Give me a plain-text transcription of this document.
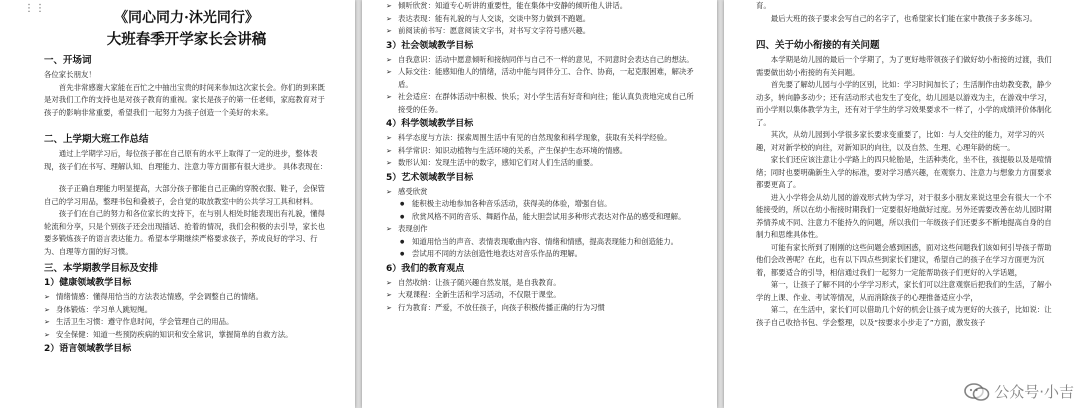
⋮⋮
《同心同力·沐光同行》
大班春季开学家长会讲稿
一、开场词
各位家长朋友！
首先非常感谢大家能在百忙之中抽出宝贵的时间来参加这次家长会。你们的到来既是对我们工作的支持也是对孩子教育的重视。家长是孩子的第一任老师，家庭教育对于孩子的影响非常重要，希望我们一起努力为孩子创造一个美好的未来。
二、上学期大班工作总结
通过上学期学习后，每位孩子都在自己原有的水平上取得了一定的进步，整体表现，孩子们在书写、理解认知、自理能力、注意力等方面都有很大进步。 具体表现在：
孩子正确自理能力明显提高，大部分孩子都能自己正确的穿脱衣服、鞋子，会保管自己的学习用品，整理书包和叠被子，会自觉的取放教室中的公共学习工具和材料。
孩子们在自己的努力和各位家长的支持下，在与别人相处时能表现出有礼貌，懂得轮流和分享，只是个别孩子还会出现插话、抢着的情况，我们会积极的去引导，家长也要多锻炼孩子的语言表达能力。希望本学期继续严格要求孩子，养成良好的学习、行为、自理等方面的好习惯。
三、本学期教学目标及安排
1）健康领域教学目标
➢ 情绪情感：懂得用恰当的方法表达情感，学会调整自己的情绪。
➢ 身体锻炼：学习单人跳短绳。
➢ 生活卫生习惯：遵守作息时间，学会管理自己的用品。
➢ 安全保健：知道一些预防疾病的知识和安全常识，掌握简单的自救方法。
2）语言领域教学目标
➢ 倾听欣赏：知道专心听讲的重要性，能在集体中安静的倾听他人讲话。
➢ 表达表现：能有礼貌的与人交谈，交谈中努力做到不跑题。
➢ 前阅读前书写：愿意阅读文字书，对书写文字符号感兴趣。
3）社会领域教学目标
➢ 自我意识：活动中愿意倾听和接纳同伴与自己不一样的意见，不同意时会表达自己的想法。
➢ 人际交往：能感知他人的情绪，活动中能与同伴分工、合作、协商，一起克服困难，解决矛盾。
➢ 社会适应：在群体活动中积极、快乐；对小学生活有好奇和向往；能认真负责地完成自己所接受的任务。
4）科学领域教学目标
➢ 科学态度与方法：探索周围生活中有见的自然现象和科学现象，获取有关科学经验。
➢ 科学常识：知识动植物与生活环境的关系，产生保护生态环境的情感。
➢ 数形认知：发现生活中的数字，感知它们对人们生活的重要。
5）艺术领域教学目标
➢ 感受欣赏
● 能积极主动地参加各种音乐活动，获得美的体验，增强自信。
● 欣赏风格不同的音乐、舞蹈作品，能大胆尝试用多种形式表达对作品的感受和理解。
➢ 表现创作
● 知道用恰当的声音、表情表现歌曲内容、情绪和情感，提高表现能力和创造能力。
● 尝试用不同的方法创造性地表达对音乐作品的理解。
6）我们的教育观点
➢ 自然收纳：让孩子随兴趣自然发展，是自我教育。
➢ 大观课程：全新生活和学习活动，不仅限于课堂。
➢ 行为教育：严爱，不放任孩子，向孩子积极传播正确的行为习惯
育。
最后大班的孩子要求会写自己的名字了，也希望家长们能在家中教孩子多多练习。
四、关于幼小衔接的有关问题
本学期是幼儿园的最后一个学期了，为了更好地带领孩子们做好幼小衔接的过渡，我们需要做出幼小衔接的有关问题。
首先要了解幼儿园与小学的区别，比如：学习时间加长了；生活制作由幼教变教，静少动多，转向静多动少；还有活动形式也发生了变化，幼儿园是以游戏为主，在游戏中学习，而小学则以集体教学为主，还有对于学生的学习效果要求不一样了，小学的成绩评价体制化了。
其次，从幼儿园到小学很多家长要求变重要了，比如：与人交往的能力，对学习的兴趣，对对新学校的向往，对新知识的向往，以及自然、生理、心理年龄的统一。
家长们还应该注意让小学路上的四只轮胎是，生活种类化，坐不住，孩提般以及是喧情绪；同时也要明确新生入学的标准，要对学习感兴趣，在观察力、注意力与想象力方面要求都要更高了。
进入小学将会从幼儿园的游戏形式转为学习，对于很多小朋友来说这里会有很大一个不能接受的，所以在幼小衔接时期我们一定要很好地做好过度。另外还需要改善在幼儿园时期养情养成不同、注意力不能持久的问题，所以我们一年级孩子们还要多不断地提高自身的自制力和思维具体性。
可能有家长所到了刚刚的这些问题会感到困惑，面对这些问题我们该如何引导孩子帮助他们会改善呢？在此，也有以下四点些到家长们建议，希望自己的孩子在学习方面更为沉着，都要适合的引导，相信通过我们一起努力一定能帮助孩子们更好的入学话题，
第一，让孩子了解不同的小学学习形式，家长们可以注意观察后把我们的生活，了解小学的上课、作业、考试等情况，从而消除孩子的心理推备适应小学，
第二，在生活中，家长们可以借助几个好的机会让孩子成为更好的大孩子，比如说：让孩子自己收拾书包、学会整理，以及“按要求小步走了”方面，激发孩子
公众号·小吉
